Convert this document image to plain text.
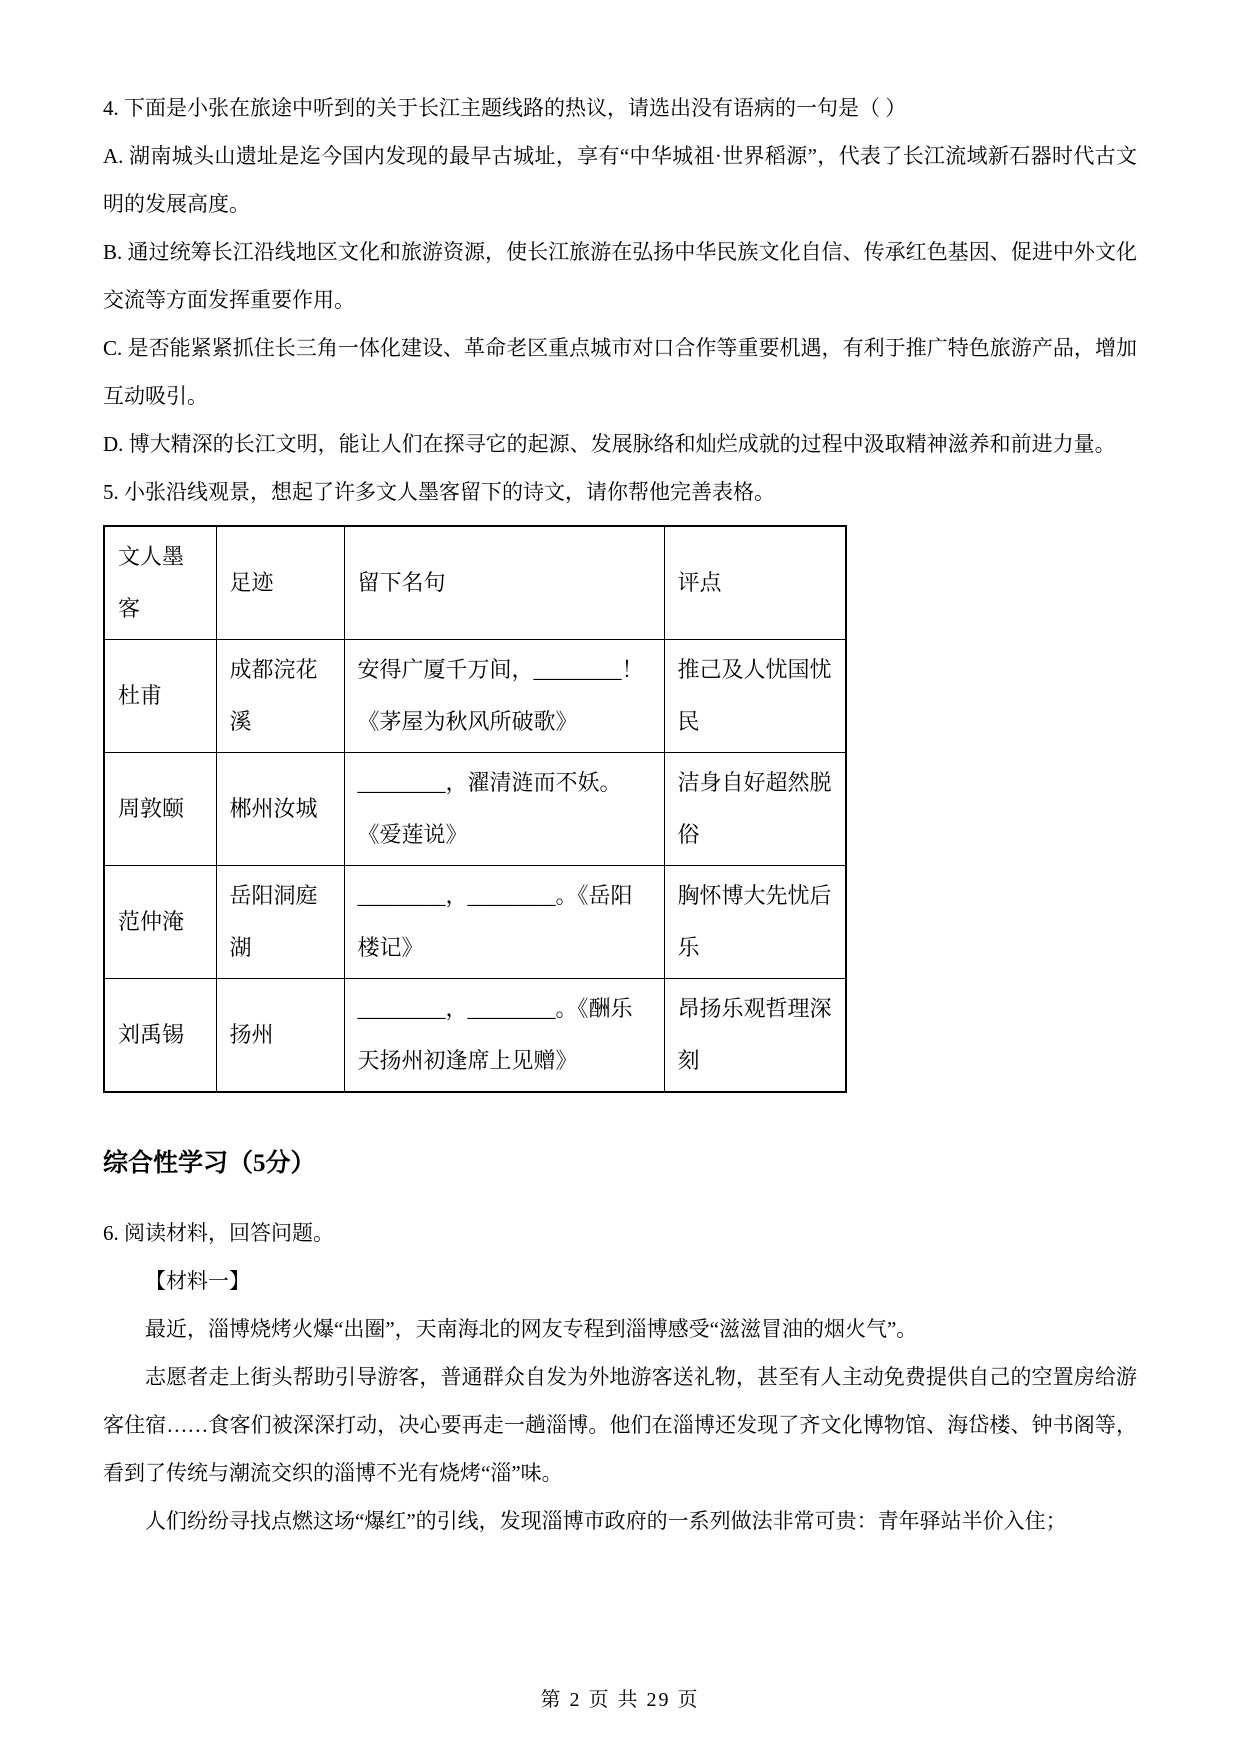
4. 下面是小张在旅途中听到的关于长江主题线路的热议，请选出没有语病的一句是（ ）

A. 湖南城头山遗址是迄今国内发现的最早古城址，享有“中华城祖·世界稻源”，代表了长江流域新石器时代古文明的发展高度。

B. 通过统筹长江沿线地区文化和旅游资源，使长江旅游在弘扬中华民族文化自信、传承红色基因、促进中外文化交流等方面发挥重要作用。

C. 是否能紧紧抓住长三角一体化建设、革命老区重点城市对口合作等重要机遇，有利于推广特色旅游产品，增加互动吸引。

D. 博大精深的长江文明，能让人们在探寻它的起源、发展脉络和灿烂成就的过程中汲取精神滋养和前进力量。

5. 小张沿线观景，想起了许多文人墨客留下的诗文，请你帮他完善表格。

文人墨客	足迹	留下名句	评点
杜甫	成都浣花溪	安得广厦千万间，________！《茅屋为秋风所破歌》	推己及人忧国忧民
周敦颐	郴州汝城	________，濯清涟而不妖。《爱莲说》	洁身自好超然脱俗
范仲淹	岳阳洞庭湖	________，________。《岳阳楼记》	胸怀博大先忧后乐
刘禹锡	扬州	________，________。《酬乐天扬州初逢席上见赠》	昂扬乐观哲理深刻
综合性学习（5分）

6. 阅读材料，回答问题。

【材料一】

最近，淄博烧烤火爆“出圈”，天南海北的网友专程到淄博感受“滋滋冒油的烟火气”。

志愿者走上街头帮助引导游客，普通群众自发为外地游客送礼物，甚至有人主动免费提供自己的空置房给游客住宿……食客们被深深打动，决心要再走一趟淄博。他们在淄博还发现了齐文化博物馆、海岱楼、钟书阁等，看到了传统与潮流交织的淄博不光有烧烤“淄”味。

人们纷纷寻找点燃这场“爆红”的引线，发现淄博市政府的一系列做法非常可贵：青年驿站半价入住；

第 2 页 共 29 页
